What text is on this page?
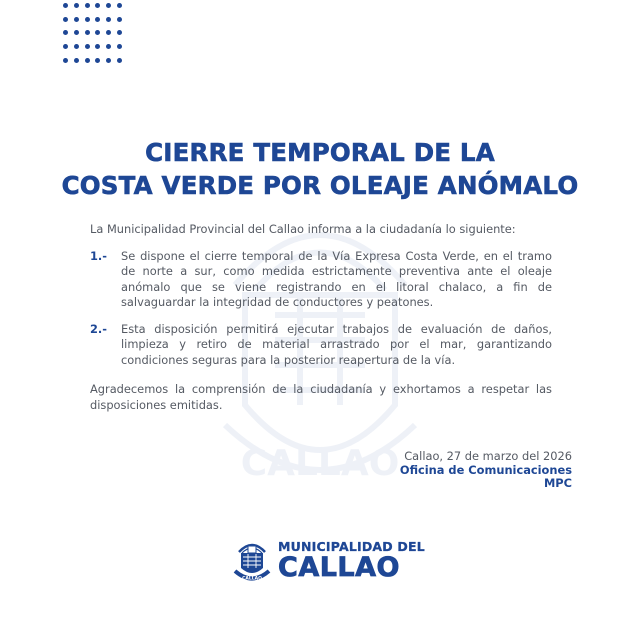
CALLAO
CIERRE TEMPORAL DE LA
COSTA VERDE POR OLEAJE ANÓMALO

La Municipalidad Provincial del Callao informa a la ciudadanía lo siguiente:

1.-	Se dispone el cierre temporal de la Vía Expresa Costa Verde, en el tramo de norte a sur, como medida estrictamente preventiva ante el oleaje anómalo que se viene registrando en el litoral chalaco, a fin de salvaguardar la integridad de conductores y peatones.

2.-	Esta disposición permitirá ejecutar trabajos de evaluación de daños, limpieza y retiro de material arrastrado por el mar, garantizando condiciones seguras para la posterior reapertura de la vía.

Agradecemos la comprensión de la ciudadanía y exhortamos a respetar las disposiciones emitidas.

Callao, 27 de marzo del 2026
Oficina de Comunicaciones
MPC
CALLAO
MUNICIPALIDAD DEL
CALLAO
